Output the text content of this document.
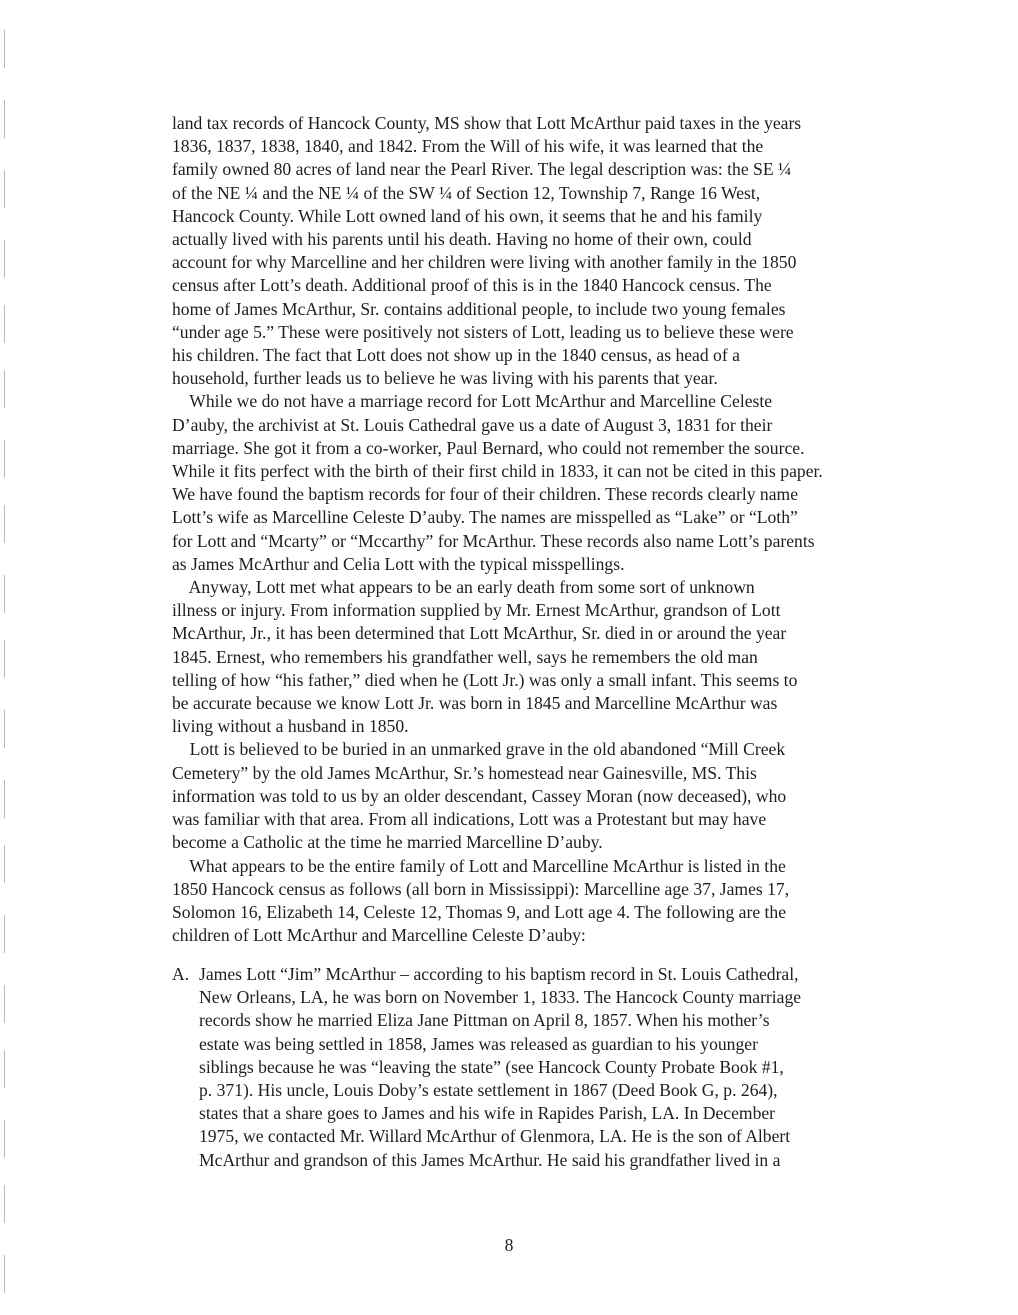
land tax records of Hancock County, MS show that Lott McArthur paid taxes in the years

1836, 1837, 1838, 1840, and 1842. From the Will of his wife, it was learned that the

family owned 80 acres of land near the Pearl River. The legal description was: the SE ¼

of the NE ¼ and the NE ¼ of the SW ¼ of Section 12, Township 7, Range 16 West,

Hancock County. While Lott owned land of his own, it seems that he and his family

actually lived with his parents until his death. Having no home of their own, could

account for why Marcelline and her children were living with another family in the 1850

census after Lott’s death. Additional proof of this is in the 1840 Hancock census. The

home of James McArthur, Sr. contains additional people, to include two young females

“under age 5.” These were positively not sisters of Lott, leading us to believe these were

his children. The fact that Lott does not show up in the 1840 census, as head of a

household, further leads us to believe he was living with his parents that year.

While we do not have a marriage record for Lott McArthur and Marcelline Celeste

D’auby, the archivist at St. Louis Cathedral gave us a date of August 3, 1831 for their

marriage. She got it from a co-worker, Paul Bernard, who could not remember the source.

While it fits perfect with the birth of their first child in 1833, it can not be cited in this paper.

We have found the baptism records for four of their children. These records clearly name

Lott’s wife as Marcelline Celeste D’auby. The names are misspelled as “Lake” or “Loth”

for Lott and “Mcarty” or “Mccarthy” for McArthur. These records also name Lott’s parents

as James McArthur and Celia Lott with the typical misspellings.

Anyway, Lott met what appears to be an early death from some sort of unknown

illness or injury. From information supplied by Mr. Ernest McArthur, grandson of Lott

McArthur, Jr., it has been determined that Lott McArthur, Sr. died in or around the year

1845. Ernest, who remembers his grandfather well, says he remembers the old man

telling of how “his father,” died when he (Lott Jr.) was only a small infant. This seems to

be accurate because we know Lott Jr. was born in 1845 and Marcelline McArthur was

living without a husband in 1850.

Lott is believed to be buried in an unmarked grave in the old abandoned “Mill Creek

Cemetery” by the old James McArthur, Sr.’s homestead near Gainesville, MS. This

information was told to us by an older descendant, Cassey Moran (now deceased), who

was familiar with that area. From all indications, Lott was a Protestant but may have

become a Catholic at the time he married Marcelline D’auby.

What appears to be the entire family of Lott and Marcelline McArthur is listed in the

1850 Hancock census as follows (all born in Mississippi): Marcelline age 37, James 17,

Solomon 16, Elizabeth 14, Celeste 12, Thomas 9, and Lott age 4. The following are the

children of Lott McArthur and Marcelline Celeste D’auby:

A. James Lott “Jim” McArthur – according to his baptism record in St. Louis Cathedral,

New Orleans, LA, he was born on November 1, 1833. The Hancock County marriage

records show he married Eliza Jane Pittman on April 8, 1857. When his mother’s

estate was being settled in 1858, James was released as guardian to his younger

siblings because he was “leaving the state” (see Hancock County Probate Book #1,

p. 371). His uncle, Louis Doby’s estate settlement in 1867 (Deed Book G, p. 264),

states that a share goes to James and his wife in Rapides Parish, LA. In December

1975, we contacted Mr. Willard McArthur of Glenmora, LA. He is the son of Albert

McArthur and grandson of this James McArthur. He said his grandfather lived in a

8
